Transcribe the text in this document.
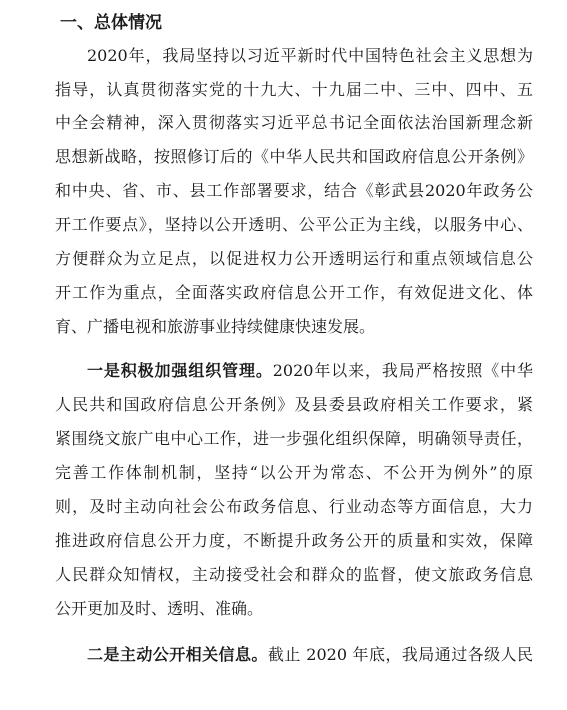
一、总体情况
2020年，我局坚持以习近平新时代中国特色社会主义思想为
指导，认真贯彻落实党的十九大、十九届二中、三中、四中、五
中全会精神，深入贯彻落实习近平总书记全面依法治国新理念新
思想新战略，按照修订后的《中华人民共和国政府信息公开条例》
和中央、省、市、县工作部署要求，结合《彰武县2020年政务公
开工作要点》，坚持以公开透明、公平公正为主线，以服务中心、
方便群众为立足点，以促进权力公开透明运行和重点领域信息公
开工作为重点，全面落实政府信息公开工作，有效促进文化、体
育、广播电视和旅游事业持续健康快速发展。
一是积极加强组织管理。2020年以来，我局严格按照《中华
人民共和国政府信息公开条例》及县委县政府相关工作要求，紧
紧围绕文旅广电中心工作，进一步强化组织保障，明确领导责任，
完善工作体制机制，坚持“以公开为常态、不公开为例外”的原
则，及时主动向社会公布政务信息、行业动态等方面信息，大力
推进政府信息公开力度，不断提升政务公开的质量和实效，保障
人民群众知情权，主动接受社会和群众的监督，使文旅政务信息
公开更加及时、透明、准确。
二是主动公开相关信息。截止 2020 年底，我局通过各级人民
